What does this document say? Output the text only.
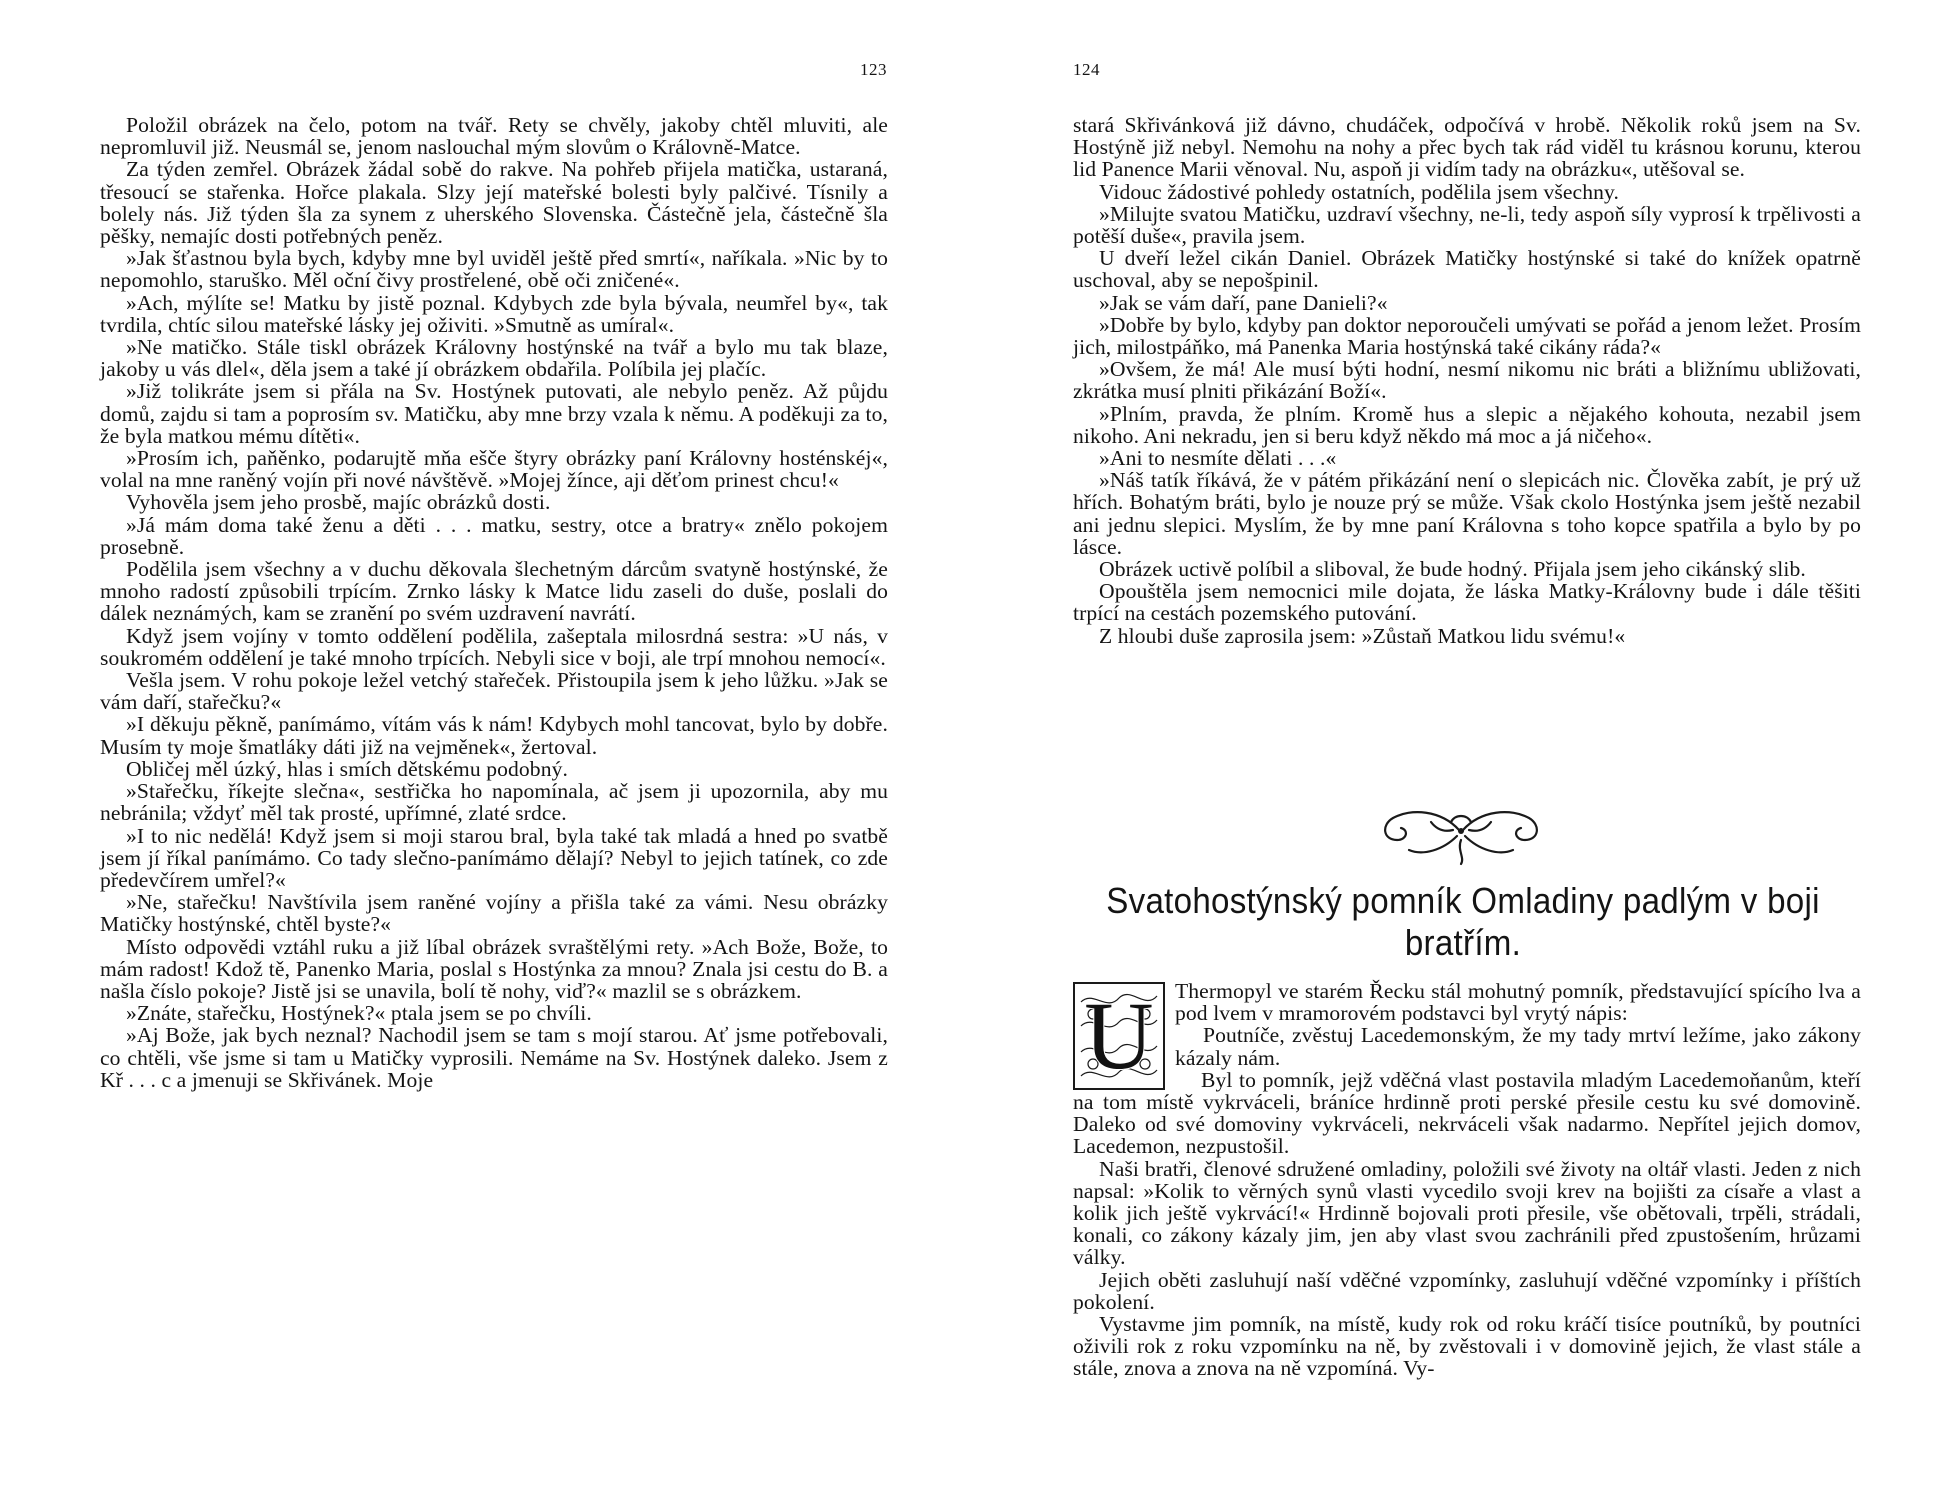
123

Položil obrázek na čelo, potom na tvář. Rety se chvěly, jakoby chtěl mluviti, ale nepromluvil již. Neusmál se, jenom naslouchal mým slovům o Královně-Matce.

Za týden zemřel. Obrázek žádal sobě do rakve. Na pohřeb přijela matička, ustaraná, třesoucí se stařenka. Hořce plakala. Slzy její mateřské bolesti byly palčivé. Tísnily a bolely nás. Již týden šla za synem z uherského Slovenska. Částečně jela, částečně šla pěšky, nemajíc dosti potřebných peněz.

»Jak šťastnou byla bych, kdyby mne byl uviděl ještě před smrtí«, naříkala. »Nic by to nepomohlo, staruško. Měl oční čivy prostřelené, obě oči zničené«.

»Ach, mýlíte se! Matku by jistě poznal. Kdybych zde byla bývala, neumřel by«, tak tvrdila, chtíc silou mateřské lásky jej oživiti. »Smutně as umíral«.

»Ne matičko. Stále tiskl obrázek Královny hostýnské na tvář a bylo mu tak blaze, jakoby u vás dlel«, děla jsem a také jí obrázkem obdařila. Políbila jej plačíc.

»Již tolikráte jsem si přála na Sv. Hostýnek putovati, ale nebylo peněz. Až půjdu domů, zajdu si tam a poprosím sv. Matičku, aby mne brzy vzala k němu. A poděkuji za to, že byla matkou mému dítěti«.

»Prosím ich, paňěnko, podarujtě mňa ešče štyry obrázky paní Královny hosténskéj«, volal na mne raněný vojín při nové návštěvě. »Mojej žínce, aji děťom prinest chcu!«

Vyhověla jsem jeho prosbě, majíc obrázků dosti.

»Já mám doma také ženu a děti . . . matku, sestry, otce a bratry« znělo pokojem prosebně.

Podělila jsem všechny a v duchu děkovala šlechetným dárcům svatyně hostýnské, že mnoho radostí způsobili trpícím. Zrnko lásky k Matce lidu zaseli do duše, poslali do dálek neznámých, kam se zranění po svém uzdravení navrátí.

Když jsem vojíny v tomto oddělení podělila, zašeptala milosrdná sestra: »U nás, v soukromém oddělení je také mnoho trpících. Nebyli sice v boji, ale trpí mnohou nemocí«.

Vešla jsem. V rohu pokoje ležel vetchý stařeček. Přistoupila jsem k jeho lůžku. »Jak se vám daří, stařečku?«

»I děkuju pěkně, panímámo, vítám vás k nám! Kdybych mohl tancovat, bylo by dobře. Musím ty moje šmatláky dáti již na vejměnek«, žertoval.

Obličej měl úzký, hlas i smích dětskému podobný.

»Stařečku, říkejte slečna«, sestřička ho napomínala, ač jsem ji upozornila, aby mu nebránila; vždyť měl tak prosté, upřímné, zlaté srdce.

»I to nic nedělá! Když jsem si moji starou bral, byla také tak mladá a hned po svatbě jsem jí říkal panímámo. Co tady slečno-panímámo dělají? Nebyl to jejich tatínek, co zde předevčírem umřel?«

»Ne, stařečku! Navštívila jsem raněné vojíny a přišla také za vámi. Nesu obrázky Matičky hostýnské, chtěl byste?«

Místo odpovědi vztáhl ruku a již líbal obrázek svraštělými rety. »Ach Bože, Bože, to mám radost! Kdož tě, Panenko Maria, poslal s Hostýnka za mnou? Znala jsi cestu do B. a našla číslo pokoje? Jistě jsi se unavila, bolí tě nohy, viď?« mazlil se s obrázkem.

»Znáte, stařečku, Hostýnek?« ptala jsem se po chvíli.

»Aj Bože, jak bych neznal? Nachodil jsem se tam s mojí starou. Ať jsme potřebovali, co chtěli, vše jsme si tam u Matičky vyprosili. Nemáme na Sv. Hostýnek daleko. Jsem z Kř . . . c a jmenuji se Skřivánek. Moje

124

stará Skřivánková již dávno, chudáček, odpočívá v hrobě. Několik roků jsem na Sv. Hostýně již nebyl. Nemohu na nohy a přec bych tak rád viděl tu krásnou korunu, kterou lid Panence Marii věnoval. Nu, aspoň ji vidím tady na obrázku«, utěšoval se.

Vidouc žádostivé pohledy ostatních, podělila jsem všechny.

»Milujte svatou Matičku, uzdraví všechny, ne-li, tedy aspoň síly vyprosí k trpělivosti a potěší duše«, pravila jsem.

U dveří ležel cikán Daniel. Obrázek Matičky hostýnské si také do knížek opatrně uschoval, aby se nepošpinil.

»Jak se vám daří, pane Danieli?«

»Dobře by bylo, kdyby pan doktor neporoučeli umývati se pořád a jenom ležet. Prosím jich, milostpáňko, má Panenka Maria hostýnská také cikány ráda?«

»Ovšem, že má! Ale musí býti hodní, nesmí nikomu nic bráti a bližnímu ubližovati, zkrátka musí plniti přikázání Boží«.

»Plním, pravda, že plním. Kromě hus a slepic a nějakého kohouta, nezabil jsem nikoho. Ani nekradu, jen si beru když někdo má moc a já ničeho«.

»Ani to nesmíte dělati . . .«

»Náš tatík říkává, že v pátém přikázání není o slepicách nic. Člověka zabít, je prý už hřích. Bohatým bráti, bylo je nouze prý se může. Však ckolo Hostýnka jsem ještě nezabil ani jednu slepici. Myslím, že by mne paní Královna s toho kopce spatřila a bylo by po lásce.

Obrázek uctivě políbil a sliboval, že bude hodný. Přijala jsem jeho cikánský slib.

Opouštěla jsem nemocnici mile dojata, že láska Matky-Královny bude i dále těšiti trpící na cestách pozemského putování.

Z hloubi duše zaprosila jsem: »Zůstaň Matkou lidu svému!«

Svatohostýnský pomník Omladiny padlým v boji bratřím.
U Thermopyl ve starém Řecku stál mohutný pomník, představující spícího lva a pod lvem v mramorovém podstavci byl vrytý nápis:

Poutníče, zvěstuj Lacedemonským, že my tady mrtví ležíme, jako zákony kázaly nám.

Byl to pomník, jejž vděčná vlast postavila mladým Lacedemoňanům, kteří na tom místě vykrváceli, bráníce hrdinně proti perské přesile cestu ku své domovině. Daleko od své domoviny vykrváceli, nekrváceli však nadarmo. Nepřítel jejich domov, Lacedemon, nezpustošil.

Naši bratři, členové sdružené omladiny, položili své životy na oltář vlasti. Jeden z nich napsal: »Kolik to věrných synů vlasti vycedilo svoji krev na bojišti za císaře a vlast a kolik jich ještě vykrvácí!« Hrdinně bojovali proti přesile, vše obětovali, trpěli, strádali, konali, co zákony kázaly jim, jen aby vlast svou zachránili před zpustošením, hrůzami války.

Jejich oběti zasluhují naší vděčné vzpomínky, zasluhují vděčné vzpomínky i příštích pokolení.

Vystavme jim pomník, na místě, kudy rok od roku kráčí tisíce poutníků, by poutníci oživili rok z roku vzpomínku na ně, by zvěstovali i v domovině jejich, že vlast stále a stále, znova a znova na ně vzpomíná. Vy-
